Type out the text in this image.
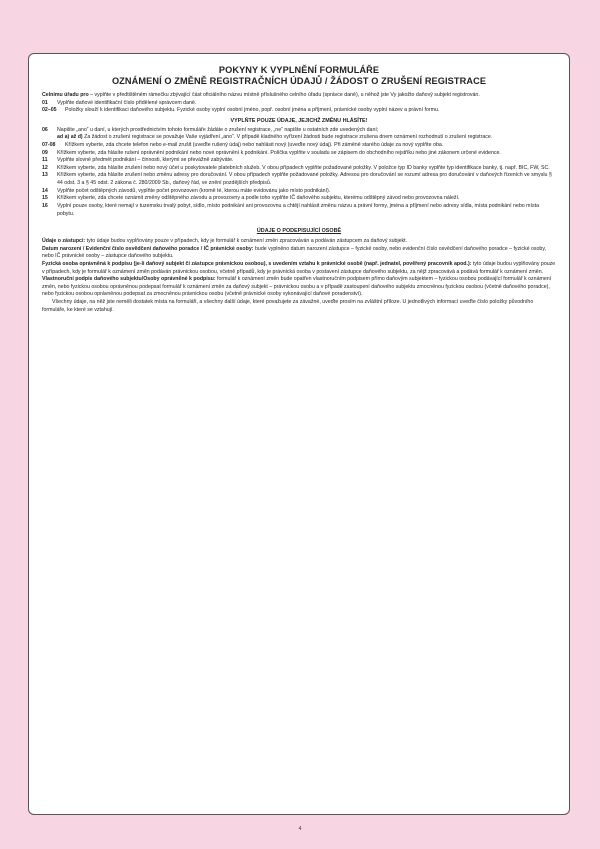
POKYNY K VYPLNĚNÍ FORMULÁŘE
OZNÁMENÍ O ZMĚNĚ REGISTRAČNÍCH ÚDAJŮ / ŽÁDOST O ZRUŠENÍ REGISTRACE

Celnímu úřadu pro – vyplňte v předtištěném rámečku zbývající část oficiálního názvu místně příslušného celního úřadu (správce daně), u něhož jste Vy jakožto daňový subjekt registrován.

01	Vyplňte daňové identifikační číslo přidělené správcem daně.
02–05	Položky slouží k identifikaci daňového subjektu. Fyzické osoby vyplní osobní jméno, popř. osobní jména a příjmení, právnické osoby vyplní název a právní formu.
VYPLŇTE POUZE ÚDAJE, JEJICHŽ ZMĚNU HLÁSÍTE!
06	Napište „ano“ u daní, u kterých prostřednictvím tohoto formuláře žádáte o zrušení registrace, „ne“ napište u ostatních zde uvedených daní;
ad a) až d) Za žádost o zrušení registrace se považuje Vaše vyjádření „ano“. V případě kladného vyřízení žádosti bude registrace zrušena dnem oznámení rozhodnutí o zrušení registrace.
07-08	Křížkem vyberte, zda chcete telefon nebo e-mail zrušit (uveďte rušený údaj) nebo nahlásit nový (uveďte nový údaj). Při záměně starého údaje za nový vyplňte oba.
09	Křížkem vyberte, zda hlásíte rušení oprávnění podnikání nebo nové oprávnění k podnikání. Políčka vyplňte v souladu se zápisem do obchodního rejstříku nebo jiné zákonem určené evidence.
11	Vyplňte slovně předmět podnikání – činnosti, kterými se převážně zabýváte.
12	Křížkem vyberte, zda hlásíte zrušení nebo nový účet u poskytovatele platebních služeb. V obou případech vyplňte požadované položky. V položce typ ID banky vyplňte typ identifikace banky, tj. např. BIC, FW, SC.
13	Křížkem vyberte, zda hlásíte zrušení nebo změnu adresy pro doručování. V obou případech vyplňte požadované položky. Adresou pro doručování se rozumí adresa pro doručování v daňových řízeních ve smyslu § 44 odst. 3 a § 45 odst. 2 zákona č. 280/2009 Sb., daňový řád, ve znění pozdějších předpisů.
14	Vyplňte počet odštěpných závodů, vyplňte počet provozoven (kromě té, kterou máte evidovánu jako místo podnikání).
15	Křížkem vyberte, zda chcete oznámit změny odštěpného závodu a provozovny a podle toho vyplňte IČ daňového subjektu, kterému odštěpný závod nebo provozovna náleží.
16	Vyplní pouze osoby, které nemají v tuzemsku trvalý pobyt, sídlo, místo podnikání ani provozovnu a chtějí nahlásit změnu názvu a právní formy, jména a příjmení nebo adresy sídla, místa podnikání nebo místa pobytu.
ÚDAJE O PODEPISUJÍCÍ OSOBĚ

Údaje o zástupci: tyto údaje budou vyplňovány pouze v případech, kdy je formulář k oznámení změn zpracováván a podáván zástupcem za daňový subjekt.

Datum narození / Evidenční číslo osvědčení daňového poradce / IČ právnické osoby: bude vyplněno datum narození zástupce – fyzické osoby, nebo evidenční číslo osvědčení daňového poradce – fyzické osoby, nebo IČ právnické osoby – zástupce daňového subjektu.

Fyzická osoba oprávněná k podpisu (je-li daňový subjekt či zástupce právnickou osobou), s uvedením vztahu k právnické osobě (např. jednatel, pověřený pracovník apod.): tyto údaje budou vyplňovány pouze v případech, kdy je formulář k oznámení změn podáván právnickou osobou, včetně případů, kdy je právnická osoba v postavení zástupce daňového subjektu, za nějž zpracovává a podává formulář k oznámení změn.

Vlastnoruční podpis daňového subjektu/Osoby oprávněné k podpisu: formulář k oznámení změn bude opatřen vlastnoručním podpisem přímo daňovým subjektem – fyzickou osobou podávající formulář k oznámení změn, nebo fyzickou osobou oprávněnou podepsat formulář k oznámení změn za daňový subjekt – právnickou osobu a v případě zastoupení daňového subjektu zmocněnou fyzickou osobou (včetně daňového poradce), nebo fyzickou osobou oprávněnou podepsat za zmocněnou právnickou osobu (včetně právnické osoby vykonávající daňové poradenství).

Všechny údaje, na něž jste neměli dostatek místa na formuláři, a všechny další údaje, které považujete za závažné, uveďte prosím na zvláštní příloze. U jednotlivých informací uveďte číslo položky původního formuláře, ke které se vztahují.

4
